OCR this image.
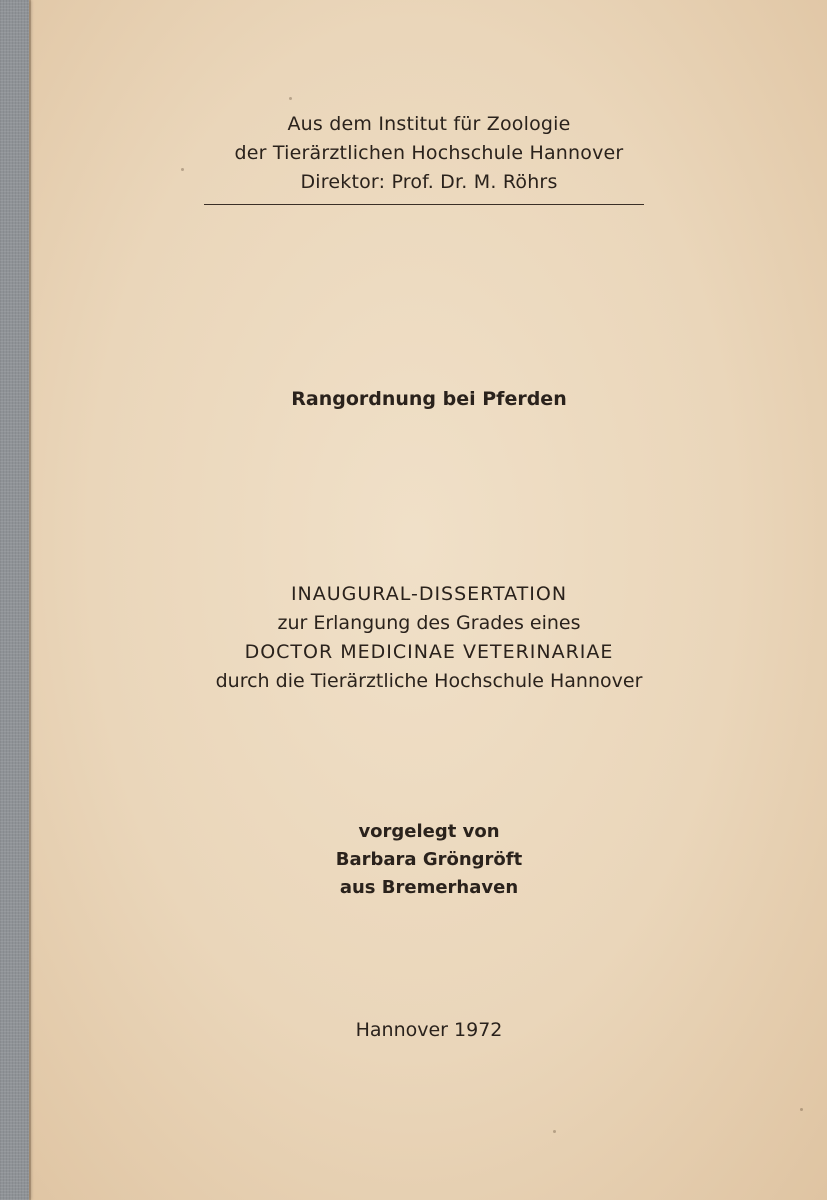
Aus dem Institut für Zoologie
der Tierärztlichen Hochschule Hannover
Direktor: Prof. Dr. M. Röhrs
Rangordnung bei Pferden
INAUGURAL-DISSERTATION
zur Erlangung des Grades eines
DOCTOR MEDICINAE VETERINARIAE
durch die Tierärztliche Hochschule Hannover
vorgelegt von
Barbara Gröngröft
aus Bremerhaven
Hannover 1972
